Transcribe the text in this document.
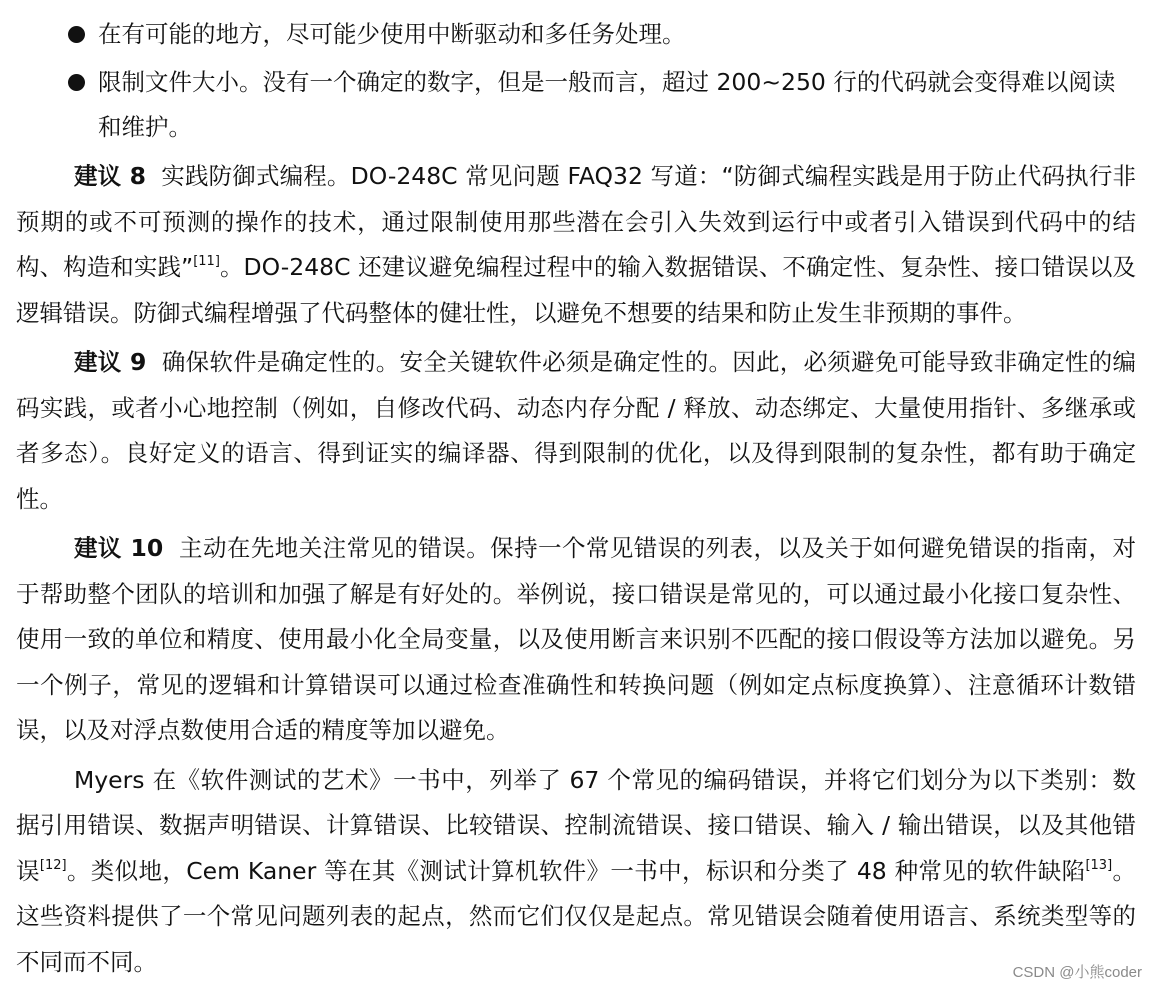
在有可能的地方，尽可能少使用中断驱动和多任务处理。
限制文件大小。没有一个确定的数字，但是一般而言，超过 200~250 行的代码就会变得难以阅读和维护。

建议 8 实践防御式编程。DO-248C 常见问题 FAQ32 写道：“防御式编程实践是用于防止代码执行非预期的或不可预测的操作的技术，通过限制使用那些潜在会引入失效到运行中或者引入错误到代码中的结构、构造和实践”[11]。DO-248C 还建议避免编程过程中的输入数据错误、不确定性、复杂性、接口错误以及逻辑错误。防御式编程增强了代码整体的健壮性，以避免不想要的结果和防止发生非预期的事件。

建议 9 确保软件是确定性的。安全关键软件必须是确定性的。因此，必须避免可能导致非确定性的编码实践，或者小心地控制（例如，自修改代码、动态内存分配 / 释放、动态绑定、大量使用指针、多继承或者多态）。良好定义的语言、得到证实的编译器、得到限制的优化，以及得到限制的复杂性，都有助于确定性。

建议 10 主动在先地关注常见的错误。保持一个常见错误的列表，以及关于如何避免错误的指南，对于帮助整个团队的培训和加强了解是有好处的。举例说，接口错误是常见的，可以通过最小化接口复杂性、使用一致的单位和精度、使用最小化全局变量，以及使用断言来识别不匹配的接口假设等方法加以避免。另一个例子，常见的逻辑和计算错误可以通过检查准确性和转换问题（例如定点标度换算）、注意循环计数错误，以及对浮点数使用合适的精度等加以避免。

Myers 在《软件测试的艺术》一书中，列举了 67 个常见的编码错误，并将它们划分为以下类别：数据引用错误、数据声明错误、计算错误、比较错误、控制流错误、接口错误、输入 / 输出错误，以及其他错误[12]。类似地，Cem Kaner 等在其《测试计算机软件》一书中，标识和分类了 48 种常见的软件缺陷[13]。这些资料提供了一个常见问题列表的起点，然而它们仅仅是起点。常见错误会随着使用语言、系统类型等的不同而不同。	CSDN @小熊coder
